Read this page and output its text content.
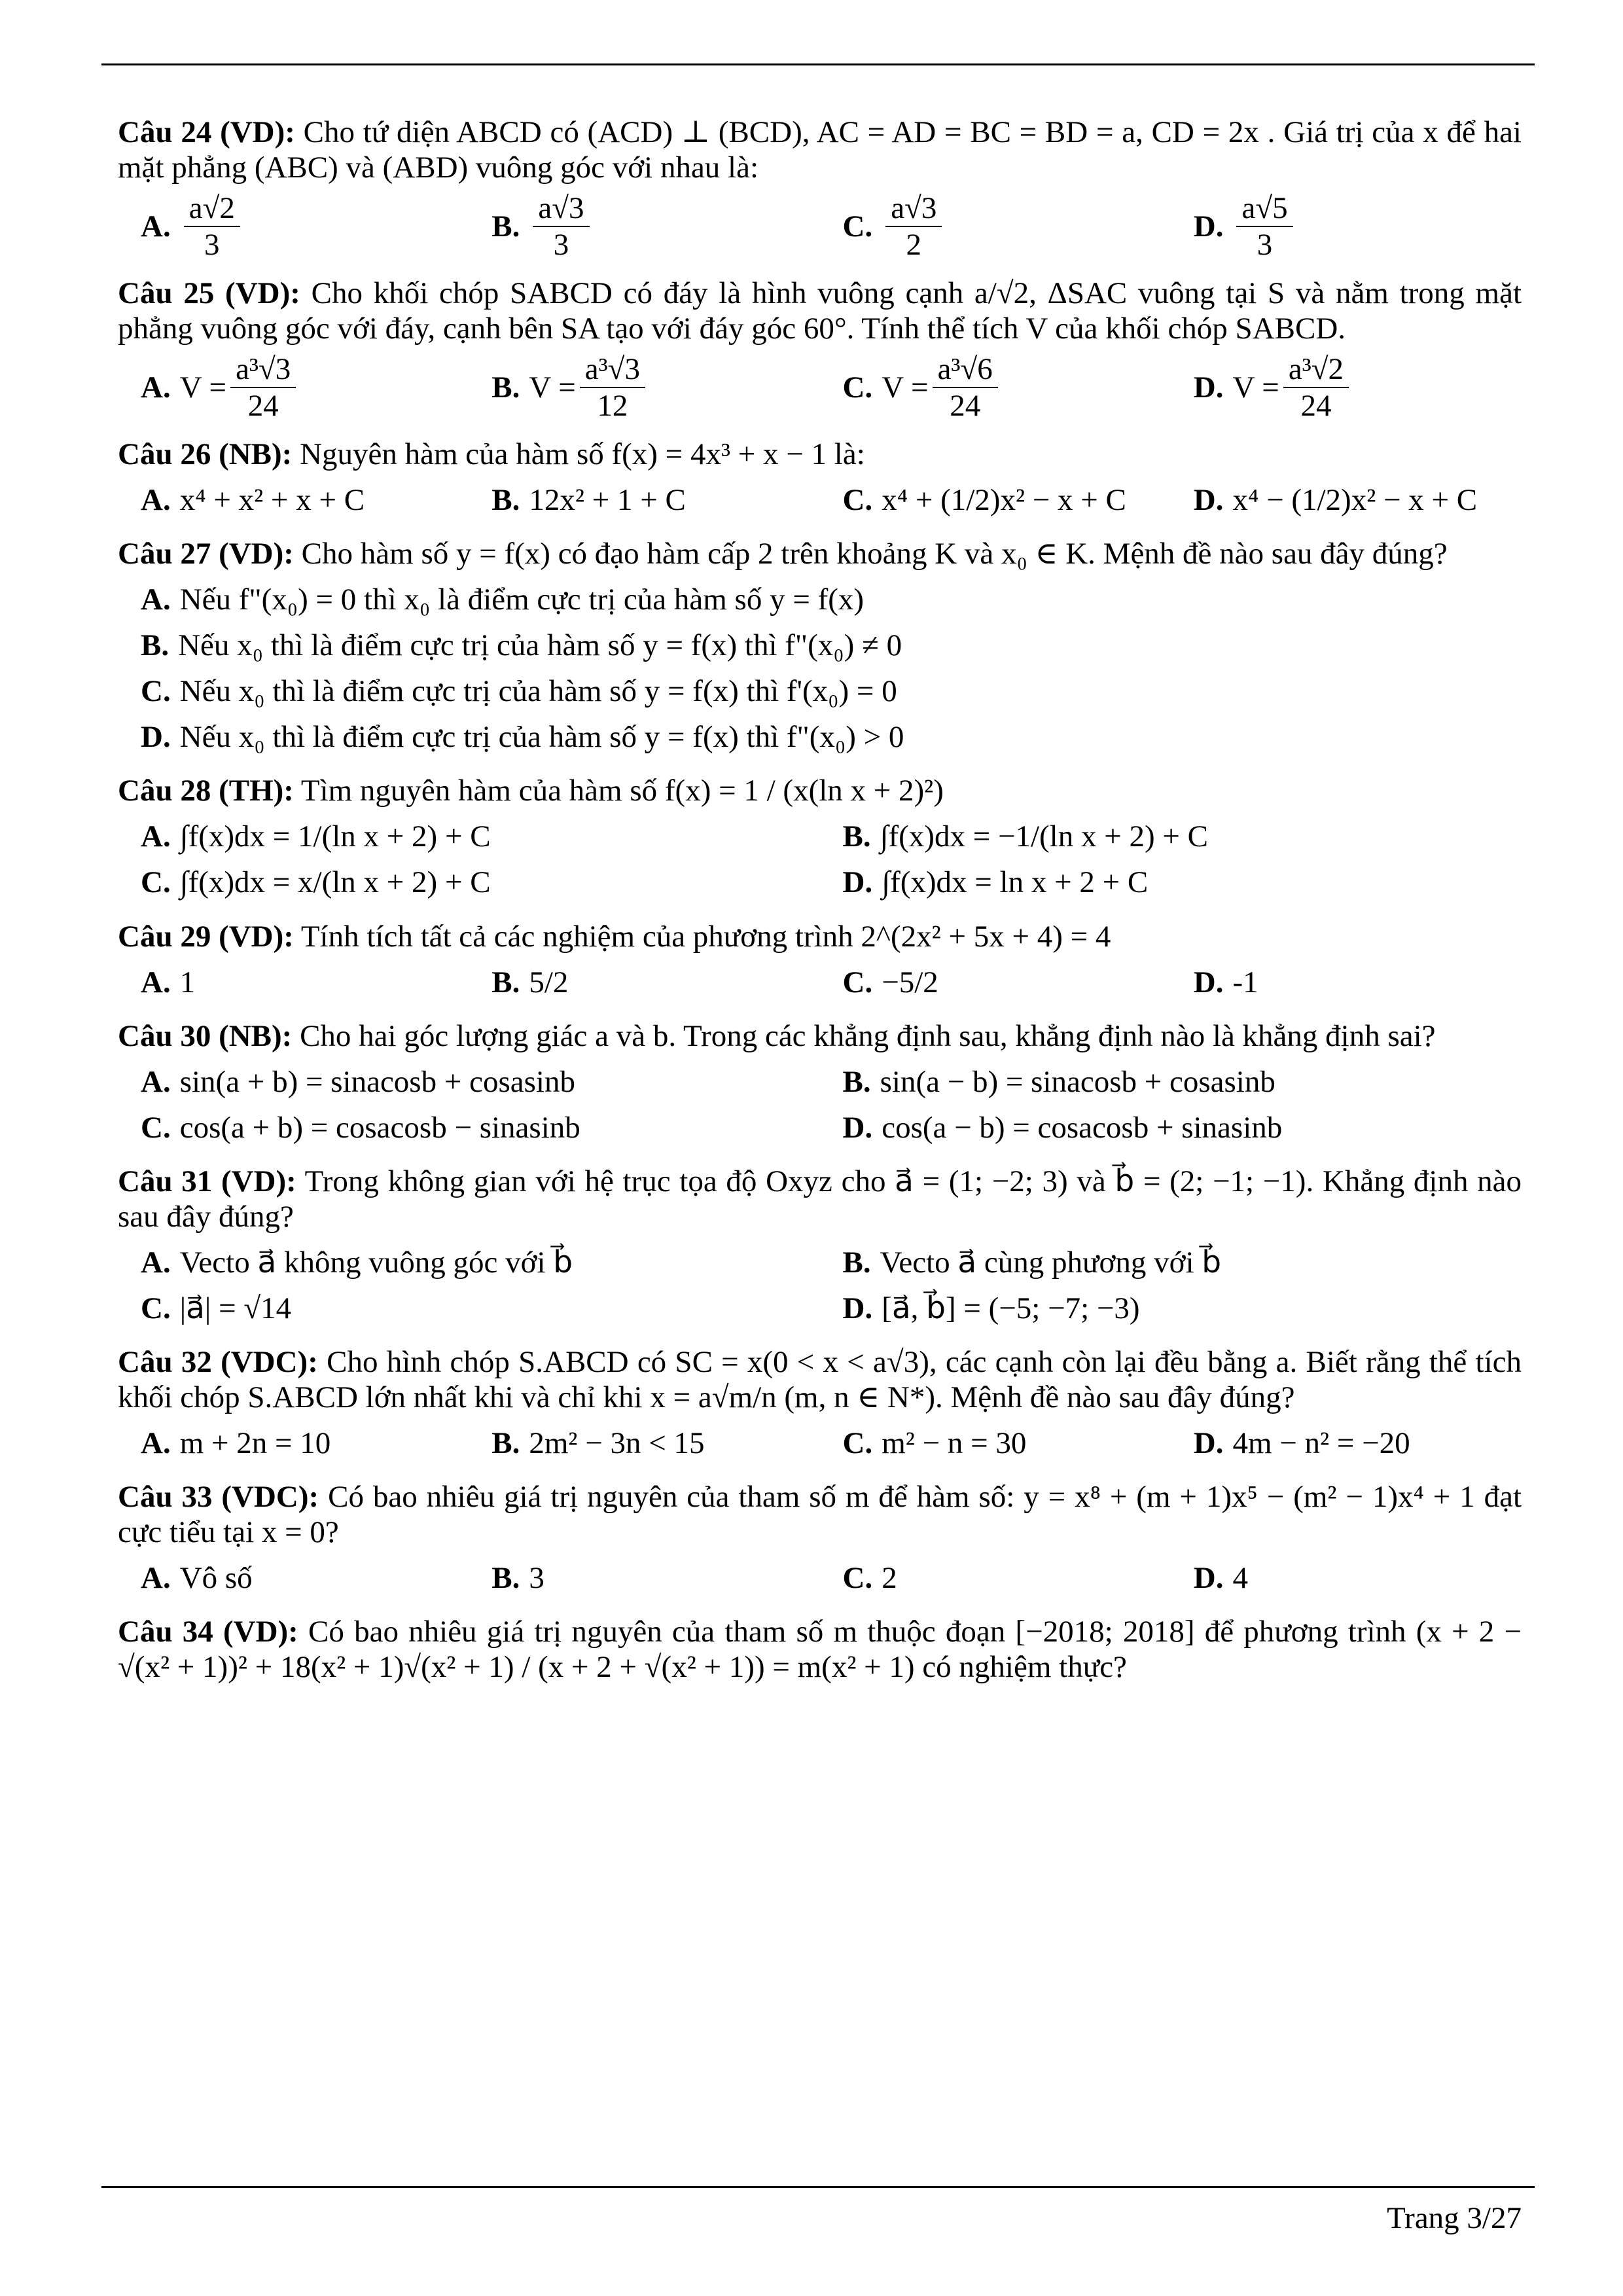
Câu 24 (VD): Cho tứ diện ABCD có (ACD) ⊥ (BCD), AC = AD = BC = BD = a, CD = 2x . Giá trị của x để hai mặt phẳng (ABC) và (ABD) vuông góc với nhau là:
A. $\frac{a√2}{3}$	B. $\frac{a√3}{3}$	C. $\frac{a√3}{2}$	D. $\frac{a√5}{3}$
Câu 25 (VD): Cho khối chóp SABCD có đáy là hình vuông cạnh a/√2, ΔSAC vuông tại S và nằm trong mặt phẳng vuông góc với đáy, cạnh bên SA tạo với đáy góc 60°. Tính thể tích V của khối chóp SABCD.
A. $V = \frac{\text{a³√3}}{24}$	B. $V = \frac{\text{a³√3}}{12}$	C. $V = \frac{\text{a³√6}}{24}$	D. $V = \frac{\text{a³√2}}{24}$
Câu 26 (NB): Nguyên hàm của hàm số f(x) = 4x³ + x − 1 là:
A. x⁴ + x² + x + C	B. 12x² + 1 + C	C. x⁴ + (1/2)x² − x + C D. x⁴ − (1/2)x² − x + C
Câu 27 (VD): Cho hàm số y = f(x) có đạo hàm cấp 2 trên khoảng K và x₀ ∈ K. Mệnh đề nào sau đây đúng?
A. Nếu f"(x₀) = 0 thì x₀ là điểm cực trị của hàm số y = f(x)
B. Nếu x₀ thì là điểm cực trị của hàm số y = f(x) thì f"(x₀) ≠ 0
C. Nếu x₀ thì là điểm cực trị của hàm số y = f(x) thì f'(x₀) = 0
D. Nếu x₀ thì là điểm cực trị của hàm số y = f(x) thì f"(x₀) > 0
Câu 28 (TH): Tìm nguyên hàm của hàm số f(x) = 1 / (x(ln x + 2)²)
A. ∫f(x)dx = 1/(ln x + 2) + C	B. ∫f(x)dx = −1/(ln x + 2) + C
C. ∫f(x)dx = x/(ln x + 2) + C	D. ∫f(x)dx = ln x + 2 + C
Câu 29 (VD): Tính tích tất cả các nghiệm của phương trình 2^(2x² + 5x + 4) = 4
A. 1	B. 5/2	C. −5/2	D. -1
Câu 30 (NB): Cho hai góc lượng giác a và b. Trong các khẳng định sau, khẳng định nào là khẳng định sai?
A. sin(a + b) = sinacosb + cosasinb	B. sin(a − b) = sinacosb + cosasinb
C. cos(a + b) = cosacosb − sinasinb	D. cos(a − b) = cosacosb + sinasinb
Câu 31 (VD): Trong không gian với hệ trục tọa độ Oxyz cho a⃗ = (1; −2; 3) và b⃗ = (2; −1; −1). Khẳng định nào sau đây đúng?
A. Vecto a⃗ không vuông góc với b⃗	B. Vecto a⃗ cùng phương với b⃗
C. |a⃗| = √14	D. [a⃗, b⃗] = (−5; −7; −3)
Câu 32 (VDC): Cho hình chóp S.ABCD có SC = x(0 < x < a√3), các cạnh còn lại đều bằng a. Biết rằng thể tích khối chóp S.ABCD lớn nhất khi và chỉ khi x = a√m/n (m, n ∈ N*). Mệnh đề nào sau đây đúng?
A. m + 2n = 10	B. 2m² − 3n < 15	C. m² − n = 30	D. 4m − n² = −20
Câu 33 (VDC): Có bao nhiêu giá trị nguyên của tham số m để hàm số: y = x⁸ + (m + 1)x⁵ − (m² − 1)x⁴ + 1 đạt cực tiểu tại x = 0?
A. Vô số	B. 3	C. 2	D. 4
Câu 34 (VD): Có bao nhiêu giá trị nguyên của tham số m thuộc đoạn [−2018; 2018] để phương trình (x + 2 − √(x² + 1))² + 18(x² + 1)√(x² + 1) / (x + 2 + √(x² + 1)) = m(x² + 1) có nghiệm thực?
Trang 3/27
